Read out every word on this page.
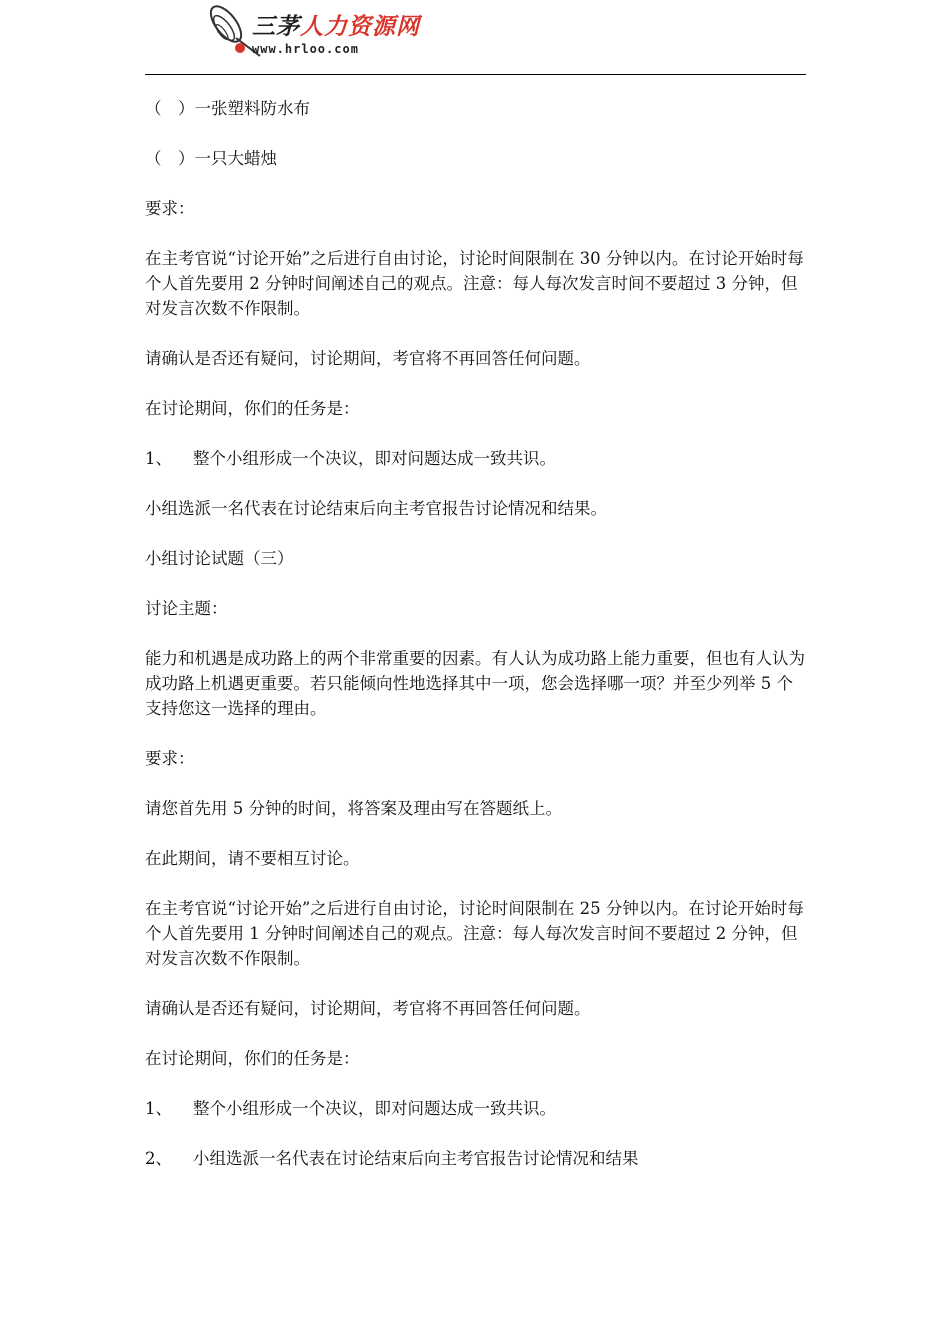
三茅人力资源网
www.hrloo.com

（　）一张塑料防水布

（　）一只大蜡烛

要求：

在主考官说“讨论开始”之后进行自由讨论，讨论时间限制在 30 分钟以内。在讨论开始时每个人首先要用 2 分钟时间阐述自己的观点。注意：每人每次发言时间不要超过 3 分钟，但对发言次数不作限制。

请确认是否还有疑问，讨论期间，考官将不再回答任何问题。

在讨论期间，你们的任务是：

1、 整个小组形成一个决议，即对问题达成一致共识。

小组选派一名代表在讨论结束后向主考官报告讨论情况和结果。

小组讨论试题（三）

讨论主题：

能力和机遇是成功路上的两个非常重要的因素。有人认为成功路上能力重要，但也有人认为成功路上机遇更重要。若只能倾向性地选择其中一项，您会选择哪一项？并至少列举 5 个支持您这一选择的理由。

要求：

请您首先用 5 分钟的时间，将答案及理由写在答题纸上。

在此期间，请不要相互讨论。

在主考官说“讨论开始”之后进行自由讨论，讨论时间限制在 25 分钟以内。在讨论开始时每个人首先要用 1 分钟时间阐述自己的观点。注意：每人每次发言时间不要超过 2 分钟，但对发言次数不作限制。

请确认是否还有疑问，讨论期间，考官将不再回答任何问题。

在讨论期间，你们的任务是：

1、 整个小组形成一个决议，即对问题达成一致共识。

2、 小组选派一名代表在讨论结束后向主考官报告讨论情况和结果
